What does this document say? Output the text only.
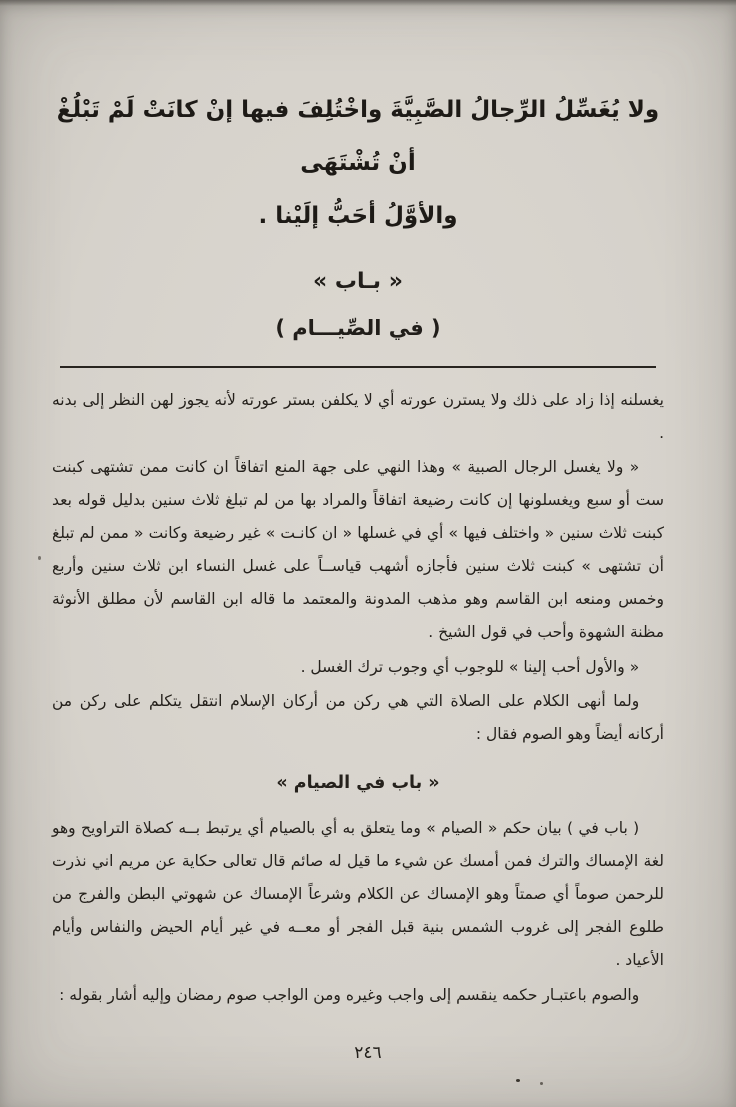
ولا يُغَسِّلُ الرِّجالُ الصَّبِيَّةَ واخْتُلِفَ فيها إنْ كانَتْ لَمْ تَبْلُغْ أنْ تُشْتَهَى
والأوَّلُ أحَبُّ إلَيْنا .
« بـاب »
( في الصِّيـــام )

يغسلنه إذا زاد على ذلك ولا يسترن عورته أي لا يكلفن بستر عورته لأنه يجوز لهن النظر إلى بدنه .

« ولا يغسل الرجال الصبية » وهذا النهي على جهة المنع اتفاقاً ان كانت ممن تشتهى كبنت ست أو سبع ويغسلونها إن كانت رضيعة اتفاقاً والمراد بها من لم تبلغ ثلاث سنين بدليل قوله بعد كبنت ثلاث سنين « واختلف فيها » أي في غسلها « ان كانـت » غير رضيعة وكانت « ممن لم تبلغ أن تشتهى » كبنت ثلاث سنين فأجازه أشهب قياســاً على غسل النساء ابن ثلاث سنين وأربع وخمس ومنعه ابن القاسم وهو مذهب المدونة والمعتمد ما قاله ابن القاسم لأن مطلق الأنوثة مظنة الشهوة وأحب في قول الشيخ .

« والأول أحب إلينا » للوجوب أي وجوب ترك الغسل .

ولما أنهى الكلام على الصلاة التي هي ركن من أركان الإسلام انتقل يتكلم على ركن من أركانه أيضاً وهو الصوم فقال :

« باب في الصيام »

( باب في ) بيان حكم « الصيام » وما يتعلق به أي بالصيام أي يرتبط بــه كصلاة التراويح وهو لغة الإمساك والترك فمن أمسك عن شيء ما قيل له صائم قال تعالى حكاية عن مريم اني نذرت للرحمن صوماً أي صمتاً وهو الإمساك عن الكلام وشرعاً الإمساك عن شهوتي البطن والفرج من طلوع الفجر إلى غروب الشمس بنية قبل الفجر أو معــه في غير أيام الحيض والنفاس وأيام الأعياد .

والصوم باعتبـار حكمه ينقسم إلى واجب وغيره ومن الواجب صوم رمضان وإليه أشار بقوله :

٢٤٦
